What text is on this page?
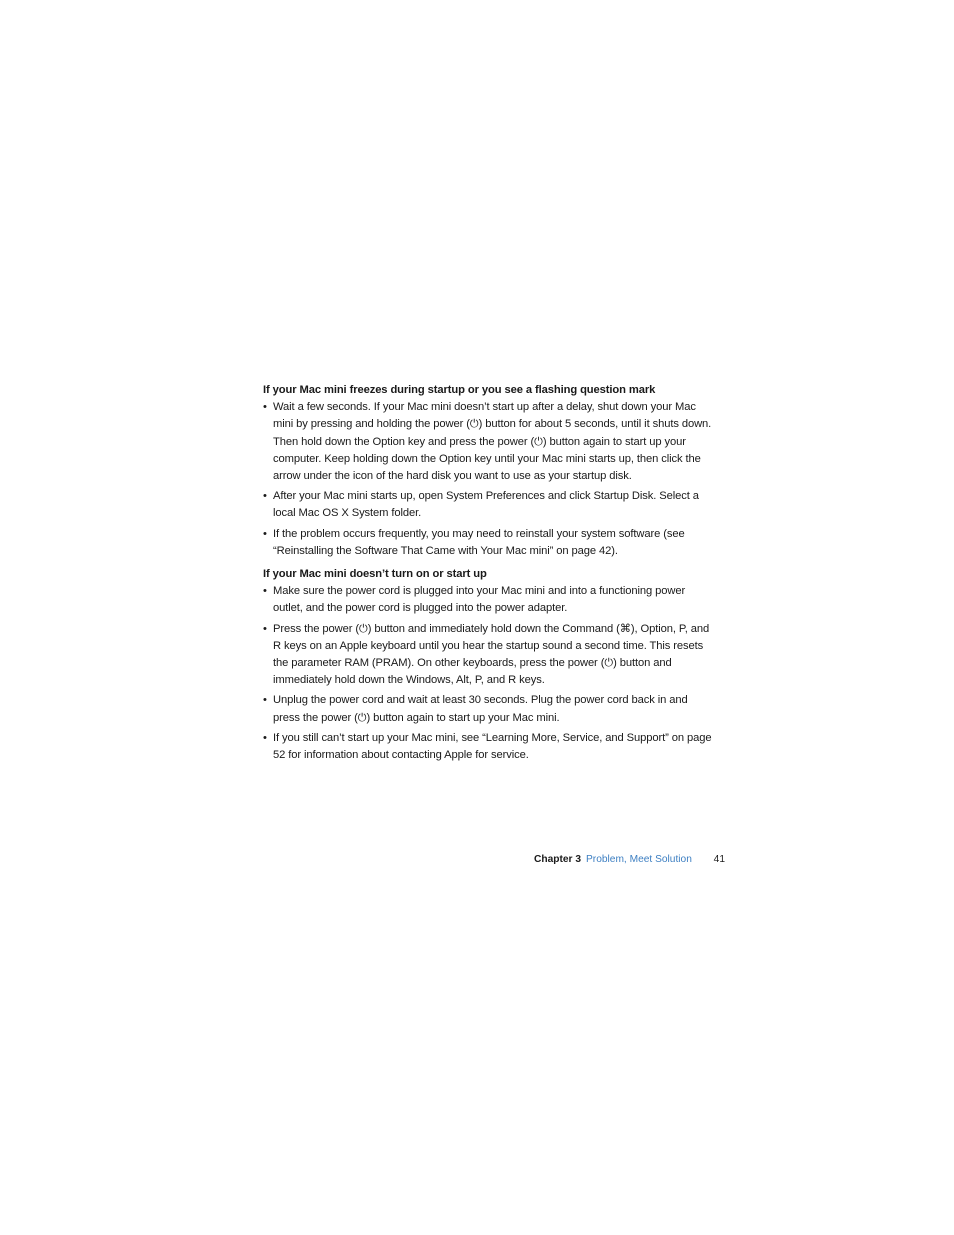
If your Mac mini freezes during startup or you see a flashing question mark

• Wait a few seconds. If your Mac mini doesn’t start up after a delay, shut down your Mac mini by pressing and holding the power (⏻) button for about 5 seconds, until it shuts down. Then hold down the Option key and press the power (⏻) button again to start up your computer. Keep holding down the Option key until your Mac mini starts up, then click the arrow under the icon of the hard disk you want to use as your startup disk.
• After your Mac mini starts up, open System Preferences and click Startup Disk. Select a local Mac OS X System folder.
• If the problem occurs frequently, you may need to reinstall your system software (see “Reinstalling the Software That Came with Your Mac mini” on page 42).

If your Mac mini doesn’t turn on or start up

• Make sure the power cord is plugged into your Mac mini and into a functioning power outlet, and the power cord is plugged into the power adapter.
• Press the power (⏻) button and immediately hold down the Command (⌘), Option, P, and R keys on an Apple keyboard until you hear the startup sound a second time. This resets the parameter RAM (PRAM). On other keyboards, press the power (⏻) button and immediately hold down the Windows, Alt, P, and R keys.
• Unplug the power cord and wait at least 30 seconds. Plug the power cord back in and press the power (⏻) button again to start up your Mac mini.
• If you still can’t start up your Mac mini, see “Learning More, Service, and Support” on page 52 for information about contacting Apple for service.
Chapter 3 Problem, Meet Solution 41
